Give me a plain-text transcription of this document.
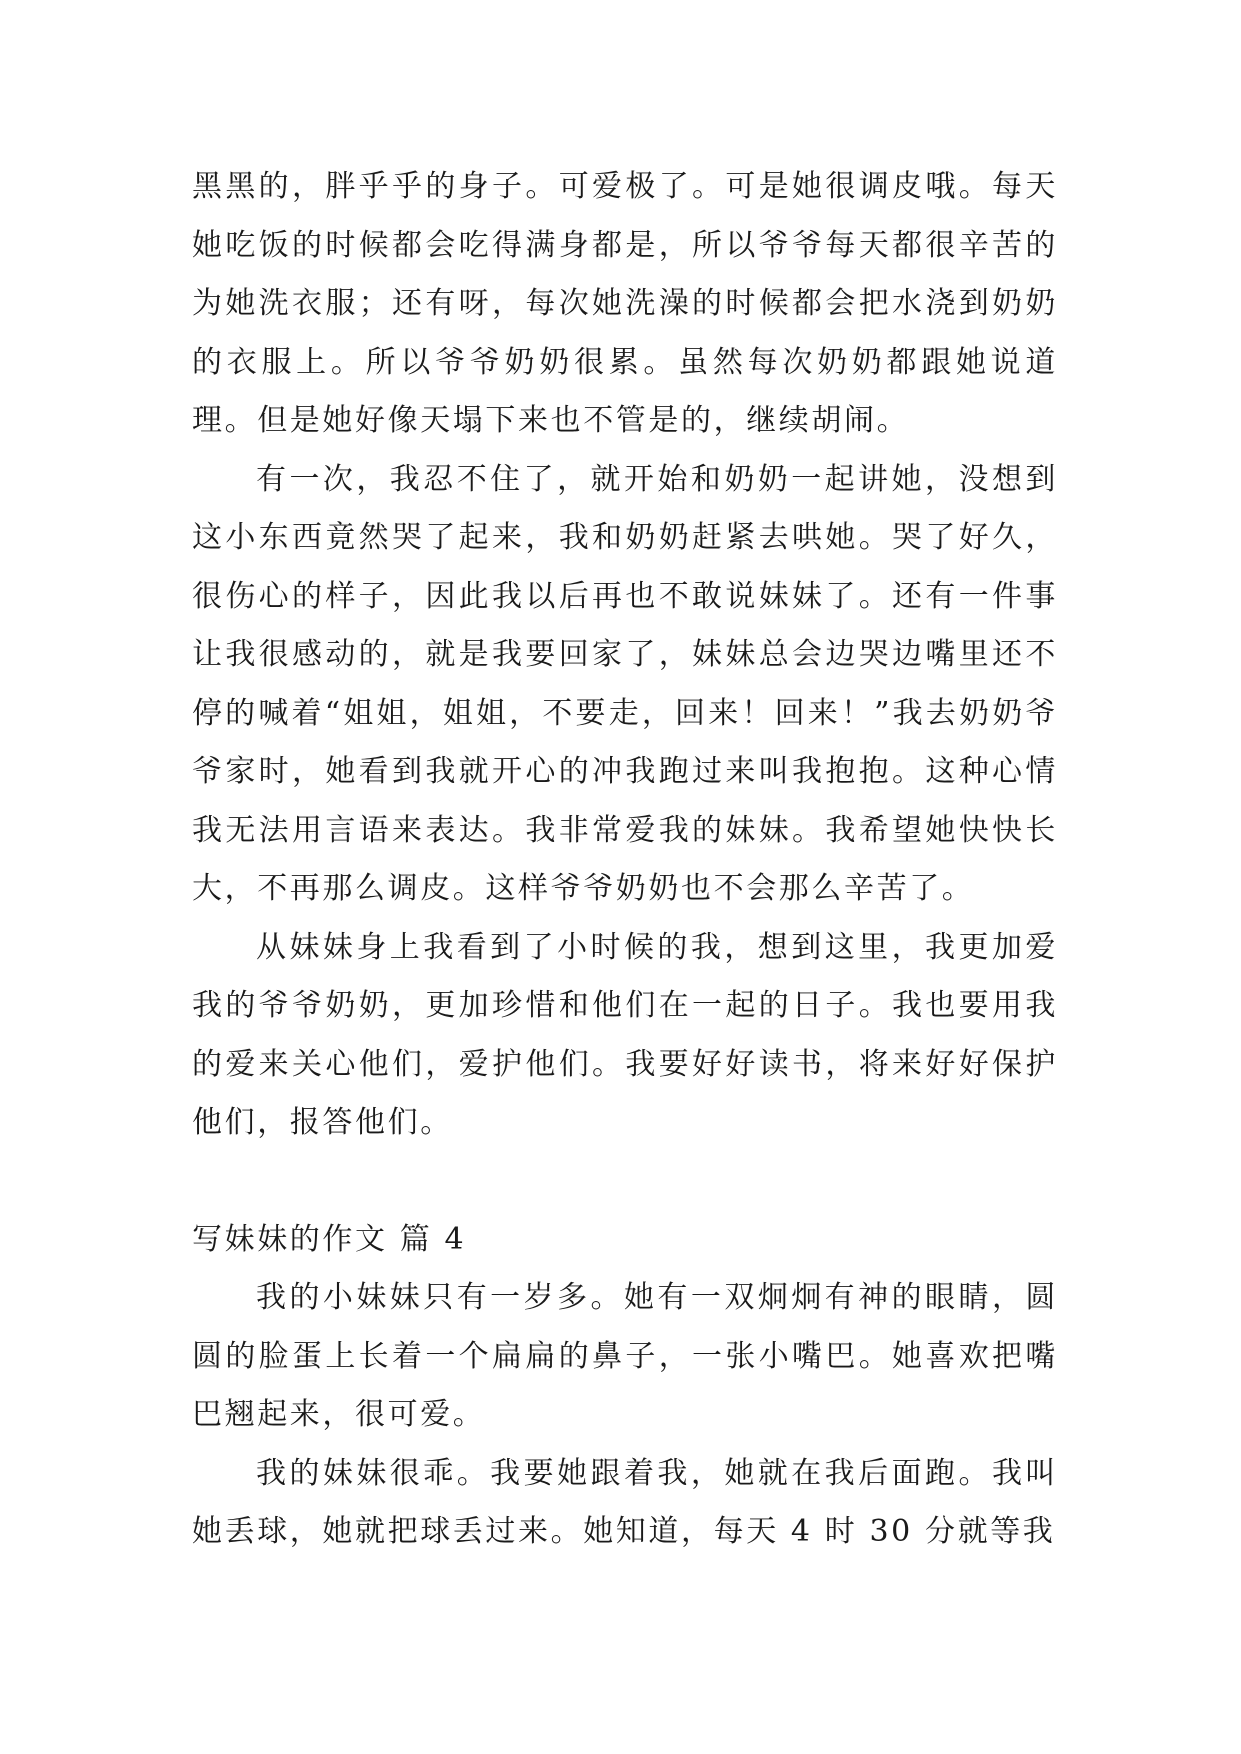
黑黑的，胖乎乎的身子。可爱极了。可是她很调皮哦。每天她吃饭的时候都会吃得满身都是，所以爷爷每天都很辛苦的为她洗衣服；还有呀，每次她洗澡的时候都会把水浇到奶奶的衣服上。所以爷爷奶奶很累。虽然每次奶奶都跟她说道理。但是她好像天塌下来也不管是的，继续胡闹。

有一次，我忍不住了，就开始和奶奶一起讲她，没想到这小东西竟然哭了起来，我和奶奶赶紧去哄她。哭了好久，很伤心的样子，因此我以后再也不敢说妹妹了。还有一件事让我很感动的，就是我要回家了，妹妹总会边哭边嘴里还不停的喊着“姐姐，姐姐，不要走，回来！回来！”我去奶奶爷爷家时，她看到我就开心的冲我跑过来叫我抱抱。这种心情我无法用言语来表达。我非常爱我的妹妹。我希望她快快长大，不再那么调皮。这样爷爷奶奶也不会那么辛苦了。

从妹妹身上我看到了小时候的我，想到这里，我更加爱我的爷爷奶奶，更加珍惜和他们在一起的日子。我也要用我的爱来关心他们，爱护他们。我要好好读书，将来好好保护他们，报答他们。

写妹妹的作文 篇 4

我的小妹妹只有一岁多。她有一双炯炯有神的眼睛，圆圆的脸蛋上长着一个扁扁的鼻子，一张小嘴巴。她喜欢把嘴巴翘起来，很可爱。

我的妹妹很乖。我要她跟着我，她就在我后面跑。我叫她丢球，她就把球丢过来。她知道，每天 4 时 30 分就等我
